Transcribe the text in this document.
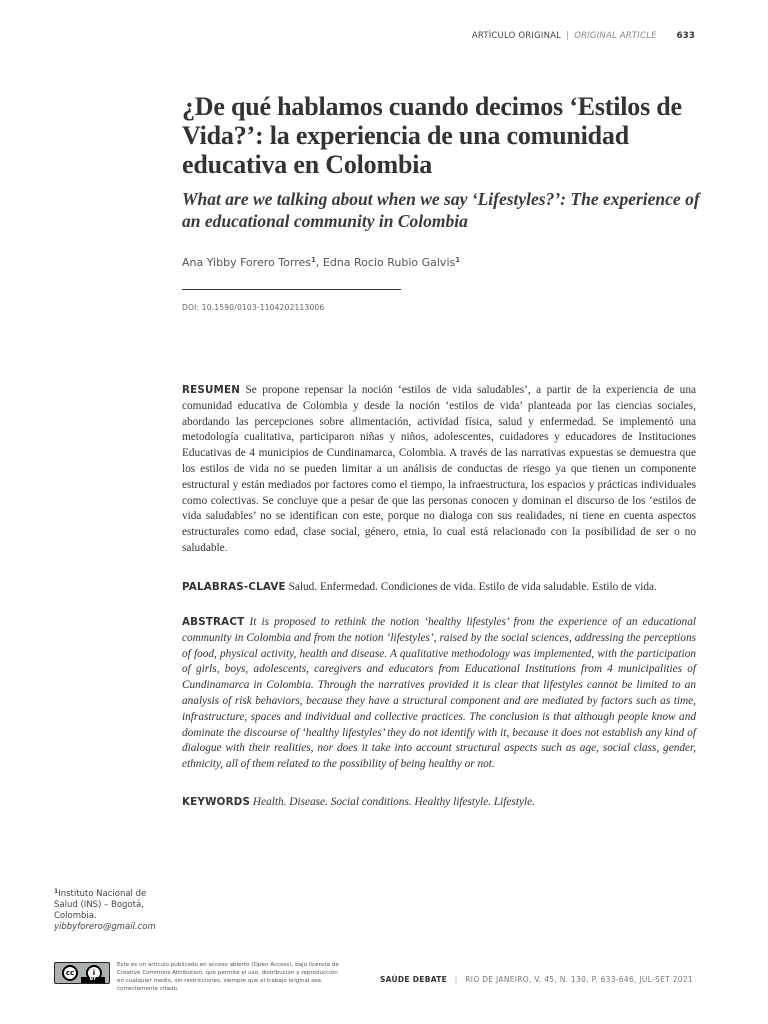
ARTÍCULO ORIGINAL | ORIGINAL ARTICLE 633
¿De qué hablamos cuando decimos ‘Estilos de Vida?’: la experiencia de una comunidad educativa en Colombia
What are we talking about when we say ‘Lifestyles?’: The experience of an educational community in Colombia
Ana Yibby Forero Torres$^1$, Edna Rocio Rubio Galvis$^1$
DOI: 10.1590/0103-1104202113006

RESUMEN Se propone repensar la noción ‘estilos de vida saludables’, a partir de la experiencia de una comunidad educativa de Colombia y desde la noción ‘estilos de vida’ planteada por las ciencias sociales, abordando las percepciones sobre alimentación, actividad física, salud y enfermedad. Se implementó una metodología cualitativa, participaron niñas y niños, adolescentes, cuidadores y educadores de Instituciones Educativas de 4 municipios de Cundinamarca, Colombia. A través de las narrativas expuestas se demuestra que los estilos de vida no se pueden limitar a un análisis de conductas de riesgo ya que tienen un componente estructural y están mediados por factores como el tiempo, la infraestructura, los espacios y prácticas individuales como colectivas. Se concluye que a pesar de que las personas conocen y dominan el discurso de los ‘estilos de vida saludables’ no se identifican con este, porque no dialoga con sus realidades, ni tiene en cuenta aspectos estructurales como edad, clase social, género, etnia, lo cual está relacionado con la posibilidad de ser o no saludable.

PALABRAS-CLAVE Salud. Enfermedad. Condiciones de vida. Estilo de vida saludable. Estilo de vida.

ABSTRACT It is proposed to rethink the notion ‘healthy lifestyles’ from the experience of an educational community in Colombia and from the notion ‘lifestyles’, raised by the social sciences, addressing the perceptions of food, physical activity, health and disease. A qualitative methodology was implemented, with the participation of girls, boys, adolescents, caregivers and educators from Educational Institutions from 4 municipalities of Cundinamarca in Colombia. Through the narratives provided it is clear that lifestyles cannot be limited to an analysis of risk behaviors, because they have a structural component and are mediated by factors such as time, infrastructure, spaces and individual and collective practices. The conclusion is that although people know and dominate the discourse of ‘healthy lifestyles’ they do not identify with it, because it does not establish any kind of dialogue with their realities, nor does it take into account structural aspects such as age, social class, gender, ethnicity, all of them related to the possibility of being healthy or not.

KEYWORDS Health. Disease. Social conditions. Healthy lifestyle. Lifestyle.

$^1$Instituto Nacional de Salud (INS) – Bogotá, Colombia.
yibbyforero@gmail.com
cc	i
BY
Este es un artículo publicado en acceso abierto (Open Access), bajo licencia de Creative Commons Attribution, que permite el uso, distribución y reproducción en cualquier medio, sin restricciones, siempre que el trabajo original sea correctamente citado.
SAÚDE DEBATE | RIO DE JANEIRO, V. 45, N. 130, P. 633-646, JUL-SET 2021
